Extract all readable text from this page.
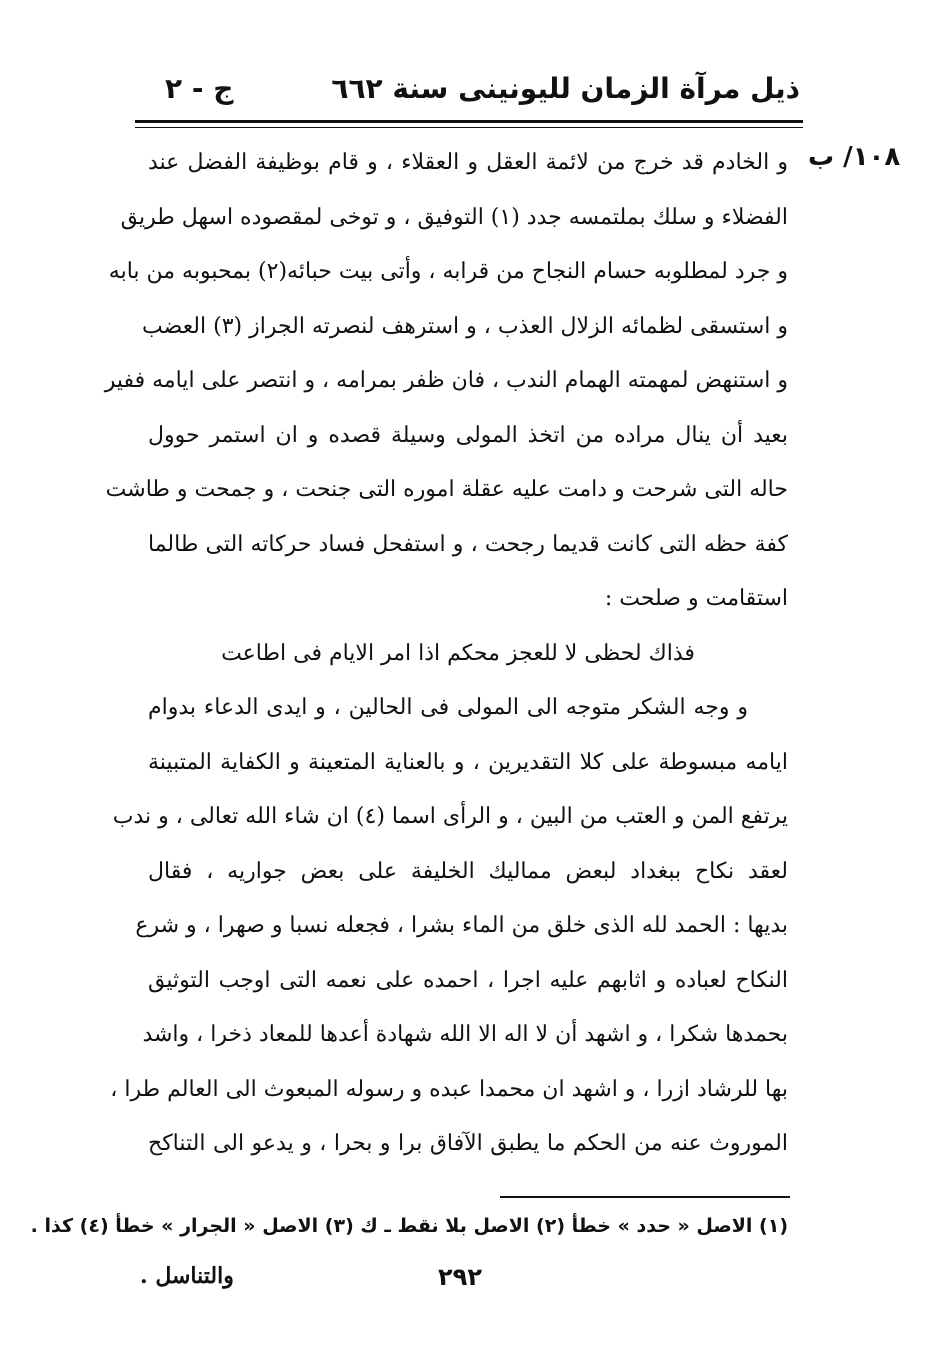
ذيل مرآة الزمان لليونينى سنة ٦٦٢
ج - ٢
١٠٨/ ب
و الخادم قد خرج من لائمة العقل و العقلاء ، و قام بوظيفة الفضل عند
الفضلاء و سلك بملتمسه جدد (١) التوفيق ، و توخى لمقصوده اسهل طريق
و جرد لمطلوبه حسام النجاح من قرابه ، وأتى بيت حبائه(٢) بمحبوبه من بابه
و استسقى لظمائه الزلال العذب ، و استرهف لنصرته الجراز (٣) العضب
و استنهض لمهمته الهمام الندب ، فان ظفر بمرامه ، و انتصر على ايامه ففير
بعيد أن ينال مراده من اتخذ المولى وسيلة قصده و ان استمر حوول
حاله التى شرحت و دامت عليه عقلة اموره التى جنحت ، و جمحت و طاشت
كفة حظه التى كانت قديما رجحت ، و استفحل فساد حركاته التى طالما
استقامت و صلحت :
فذاك لحظى لا للعجز محكم اذا امر الايام فى اطاعت
و وجه الشكر متوجه الى المولى فى الحالين ، و ايدى الدعاء بدوام
ايامه مبسوطة على كلا التقديرين ، و بالعناية المتعينة و الكفاية المتبينة
يرتفع المن و العتب من البين ، و الرأى اسما (٤) ان شاء الله تعالى ، و ندب
لعقد نكاح ببغداد لبعض مماليك الخليفة على بعض جواريه ، فقال
بديها : الحمد لله الذى خلق من الماء بشرا ، فجعله نسبا و صهرا ، و شرع
النكاح لعباده و اثابهم عليه اجرا ، احمده على نعمه التى اوجب التوثيق
بحمدها شكرا ، و اشهد أن لا اله الا الله شهادة أعدها للمعاد ذخرا ، واشد
بها للرشاد ازرا ، و اشهد ان محمدا عبده و رسوله المبعوث الى العالم طرا ،
الموروث عنه من الحكم ما يطبق الآفاق برا و بحرا ، و يدعو الى التناكح
(١) الاصل « حدد » خطأ (٢) الاصل بلا نقط ـ ك (٣) الاصل « الجرار » خطأ (٤) كذا .
والتناسل .	٢٩٢
